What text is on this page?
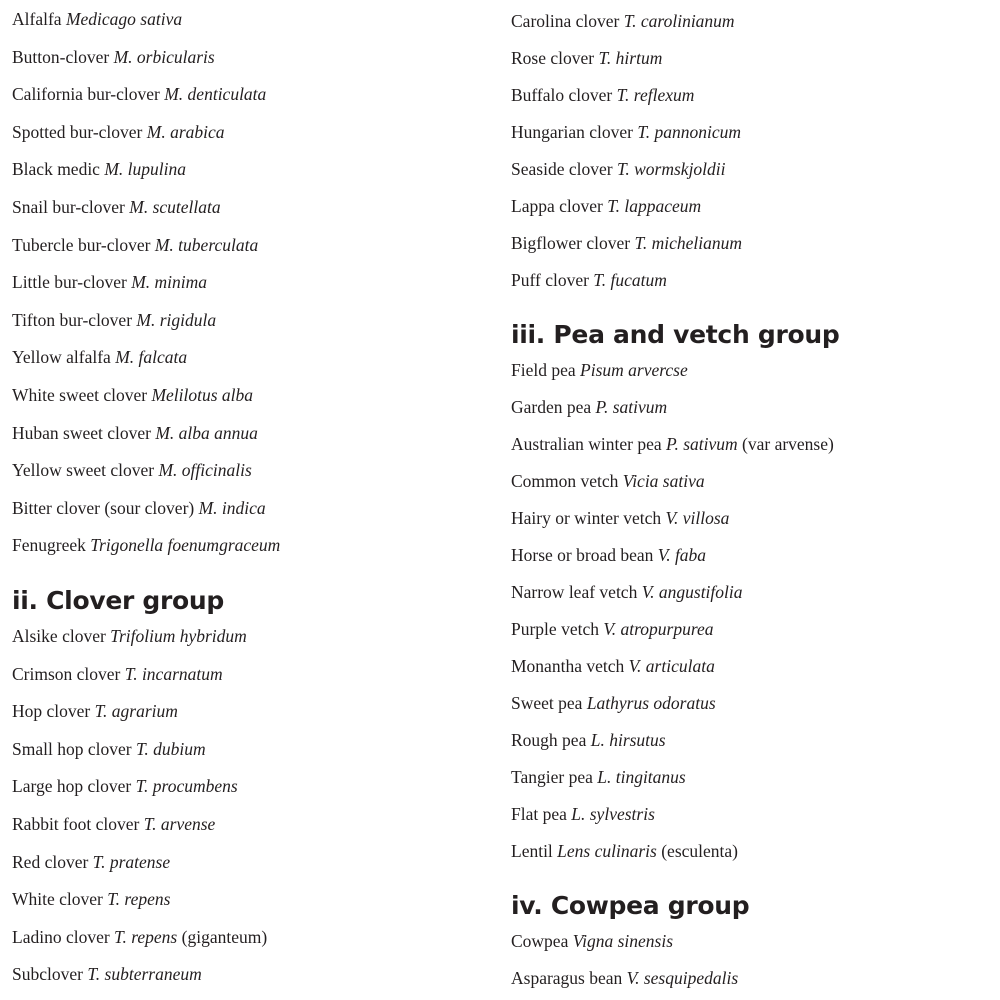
Alfalfa Medicago sativa
Button-clover M. orbicularis
California bur-clover M. denticulata
Spotted bur-clover M. arabica
Black medic M. lupulina
Snail bur-clover M. scutellata
Tubercle bur-clover M. tuberculata
Little bur-clover M. minima
Tifton bur-clover M. rigidula
Yellow alfalfa M. falcata
White sweet clover Melilotus alba
Huban sweet clover M. alba annua
Yellow sweet clover M. officinalis
Bitter clover (sour clover) M. indica
Fenugreek Trigonella foenumgraceum
ii. Clover group
Alsike clover Trifolium hybridum
Crimson clover T. incarnatum
Hop clover T. agrarium
Small hop clover T. dubium
Large hop clover T. procumbens
Rabbit foot clover T. arvense
Red clover T. pratense
White clover T. repens
Ladino clover T. repens (giganteum)
Subclover T. subterraneum
Carolina clover T. carolinianum
Rose clover T. hirtum
Buffalo clover T. reflexum
Hungarian clover T. pannonicum
Seaside clover T. wormskjoldii
Lappa clover T. lappaceum
Bigflower clover T. michelianum
Puff clover T. fucatum
iii. Pea and vetch group
Field pea Pisum arvercse
Garden pea P. sativum
Australian winter pea P. sativum (var arvense)
Common vetch Vicia sativa
Hairy or winter vetch V. villosa
Horse or broad bean V. faba
Narrow leaf vetch V. angustifolia
Purple vetch V. atropurpurea
Monantha vetch V. articulata
Sweet pea Lathyrus odoratus
Rough pea L. hirsutus
Tangier pea L. tingitanus
Flat pea L. sylvestris
Lentil Lens culinaris (esculenta)
iv. Cowpea group
Cowpea Vigna sinensis
Asparagus bean V. sesquipedalis
